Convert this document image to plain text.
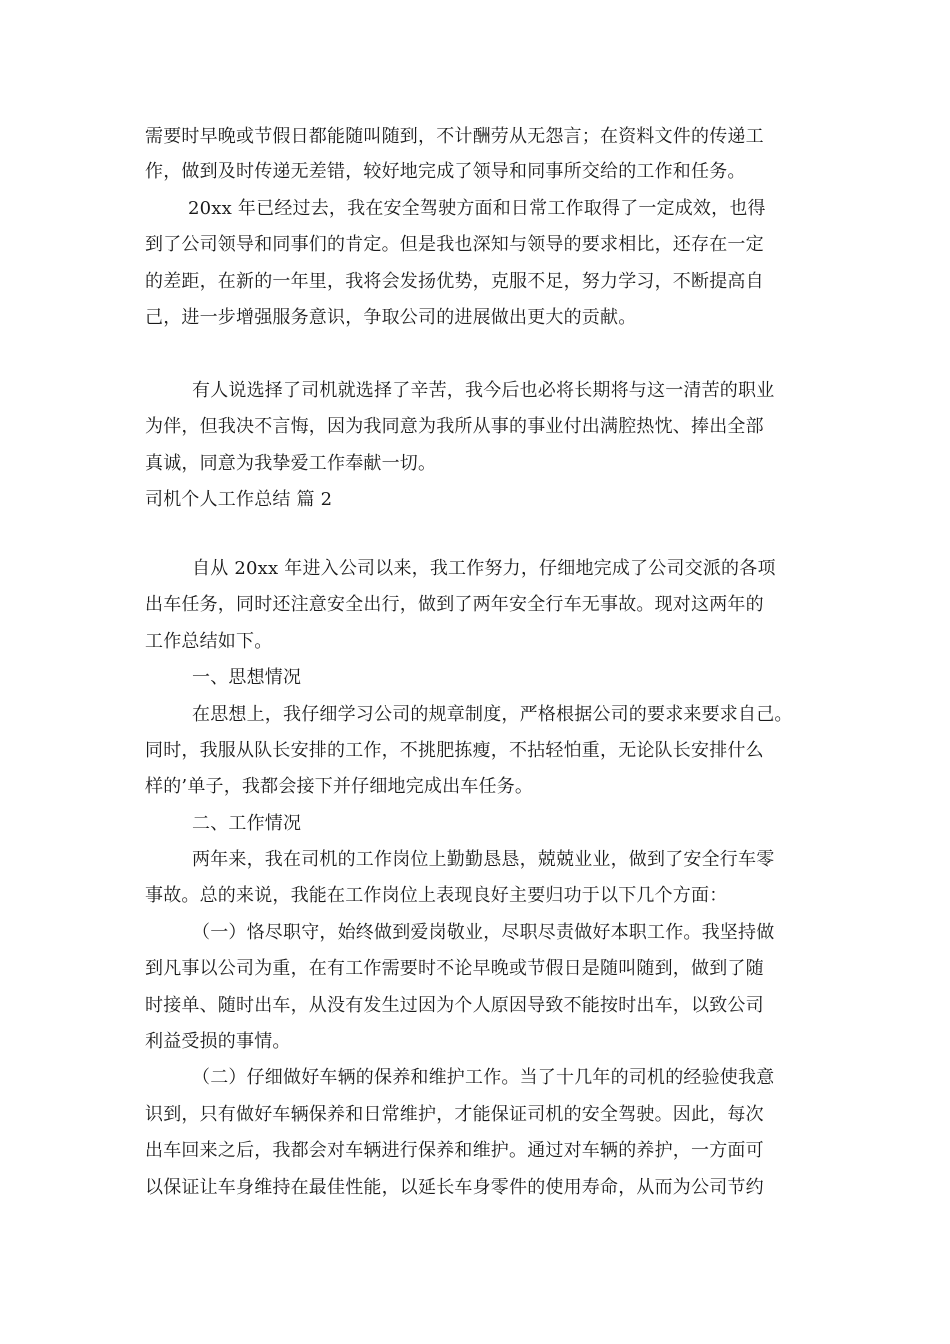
需要时早晚或节假日都能随叫随到，不计酬劳从无怨言；在资料文件的传递工
作，做到及时传递无差错，较好地完成了领导和同事所交给的工作和任务。
20xx 年已经过去，我在安全驾驶方面和日常工作取得了一定成效，也得
到了公司领导和同事们的肯定。但是我也深知与领导的要求相比，还存在一定
的差距，在新的一年里，我将会发扬优势，克服不足，努力学习，不断提高自
己，进一步增强服务意识，争取公司的进展做出更大的贡献。
有人说选择了司机就选择了辛苦，我今后也必将长期将与这一清苦的职业
为伴，但我决不言悔，因为我同意为我所从事的事业付出满腔热忱、捧出全部
真诚，同意为我挚爱工作奉献一切。
司机个人工作总结 篇 2
自从 20xx 年进入公司以来，我工作努力，仔细地完成了公司交派的各项
出车任务，同时还注意安全出行，做到了两年安全行车无事故。现对这两年的
工作总结如下。
一、思想情况
在思想上，我仔细学习公司的规章制度，严格根据公司的要求来要求自己。
同时，我服从队长安排的工作，不挑肥拣瘦，不拈轻怕重，无论队长安排什么
样的’单子，我都会接下并仔细地完成出车任务。
二、工作情况
两年来，我在司机的工作岗位上勤勤恳恳，兢兢业业，做到了安全行车零
事故。总的来说，我能在工作岗位上表现良好主要归功于以下几个方面：
（一）恪尽职守，始终做到爱岗敬业，尽职尽责做好本职工作。我坚持做
到凡事以公司为重，在有工作需要时不论早晚或节假日是随叫随到，做到了随
时接单、随时出车，从没有发生过因为个人原因导致不能按时出车，以致公司
利益受损的事情。
（二）仔细做好车辆的保养和维护工作。当了十几年的司机的经验使我意
识到，只有做好车辆保养和日常维护，才能保证司机的安全驾驶。因此，每次
出车回来之后，我都会对车辆进行保养和维护。通过对车辆的养护，一方面可
以保证让车身维持在最佳性能，以延长车身零件的使用寿命，从而为公司节约
